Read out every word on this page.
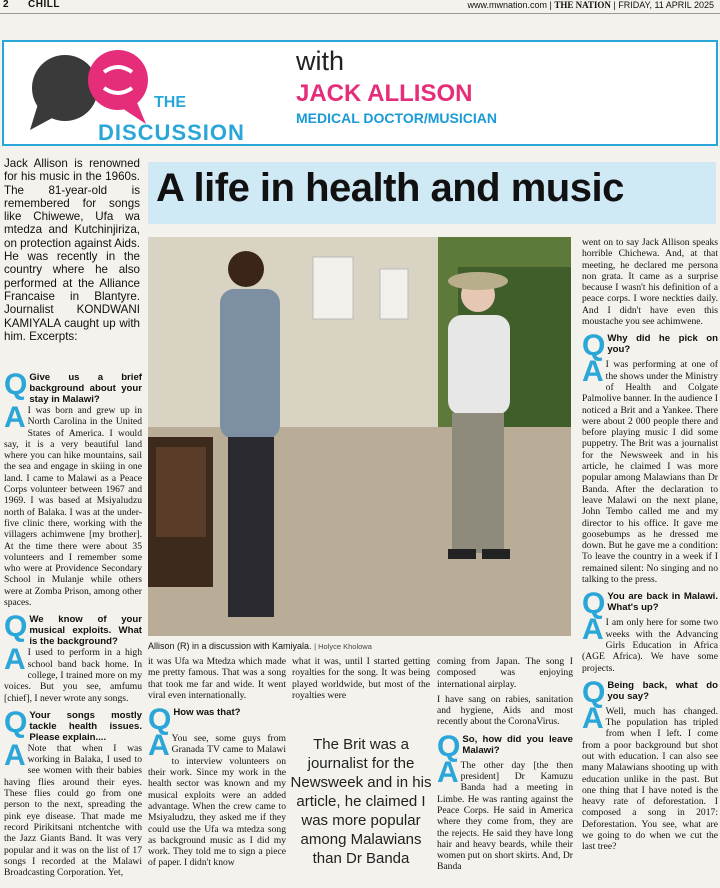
2 CHILL	www.mwnation.com | THE NATION | FRIDAY, 11 APRIL 2025
THE
DISCUSSION
with
JACK ALLISON
MEDICAL DOCTOR/MUSICIAN
Jack Allison is renowned for his music in the 1960s. The 81-year-old is remembered for songs like Chiwewe, Ufa wa mtedza and Kutchinjiriza, on protection against Aids. He was recently in the country where he also performed at the Alliance Francaise in Blantyre. Journalist KONDWANI KAMIYALA caught up with him. Excerpts:
A life in health and music
Q Give us a brief background about your stay in Malawi?
A I was born and grew up in North Carolina in the United States of America. I would say, it is a very beautiful land where you can hike mountains, sail the sea and engage in skiing in one land. I came to Malawi as a Peace Corps volunteer between 1967 and 1969. I was based at Msiyaludzu north of Balaka. I was at the under-five clinic there, working with the villagers achimwene [my brother]. At the time there were about 35 volunteers and I remember some who were at Providence Secondary School in Mulanje while others were at Zomba Prison, among other spaces.

Q We know of your musical exploits. What is the background?
A I used to perform in a high school band back home. In college, I trained more on my voices. But you see, amfumu [chief], I never wrote any songs.

Q Your songs mostly tackle health issues. Please explain....
A Note that when I was working in Balaka, I used to see women with their babies having flies around their eyes. These flies could go from one person to the next, spreading the pink eye disease. That made me record Pirikitsani ntchentche with the Jazz Giants Band. It was very popular and it was on the list of 17 songs I recorded at the Malawi Broadcasting Corporation. Yet,

Allison (R) in a discussion with Kamiyala. | Holyce Kholowa

it was Ufa wa Mtedza which made me pretty famous. That was a song that took me far and wide. It went viral even internationally.

Q How was that?
A You see, some guys from Granada TV came to Malawi to interview volunteers on their work. Since my work in the health sector was known and my musical exploits were an added advantage. When the crew came to Msiyaludzu, they asked me if they could use the Ufa wa mtedza song as background music as I did my work. They told me to sign a piece of paper. I didn't know

what it was, until I started getting royalties for the song. It was being played worldwide, but most of the royalties were

The Brit was a journalist for the Newsweek and in his article, he claimed I was more popular among Malawians than Dr Banda

coming from Japan. The song I composed was enjoying international airplay.

I have sang on rabies, sanitation and hygiene, Aids and most recently about the CoronaVirus.

Q So, how did you leave Malawi?
A The other day [the then president] Dr Kamuzu Banda had a meeting in Limbe. He was ranting against the Peace Corps. He said in America where they come from, they are the rejects. He said they have long hair and heavy beards, while their women put on short skirts. And, Dr Banda

went on to say Jack Allison speaks horrible Chichewa. And, at that meeting, he declared me persona non grata. It came as a surprise because I wasn't his definition of a peace corps. I wore neckties daily. And I didn't have even this moustache you see achimwene.

Q Why did he pick on you?
A I was performing at one of the shows under the Ministry of Health and Colgate Palmolive banner. In the audience I noticed a Brit and a Yankee. There were about 2 000 people there and before playing music I did some puppetry. The Brit was a journalist for the Newsweek and in his article, he claimed I was more popular among Malawians than Dr Banda. After the declaration to leave Malawi on the next plane, John Tembo called me and my director to his office. It gave me goosebumps as he dressed me down. But he gave me a condition: To leave the country in a week if I remained silent: No singing and no talking to the press.

Q You are back in Malawi. What's up?
A I am only here for some two weeks with the Advancing Girls Education in Africa (AGE Africa). We have some projects.

Q Being back, what do you say?
A Well, much has changed. The population has tripled from when I left. I come from a poor background but shot out with education. I can also see many Malawians shooting up with education unlike in the past. But one thing that I have noted is the heavy rate of deforestation. I composed a song in 2017: Deforestation. You see, what are we going to do when we cut the last tree?
